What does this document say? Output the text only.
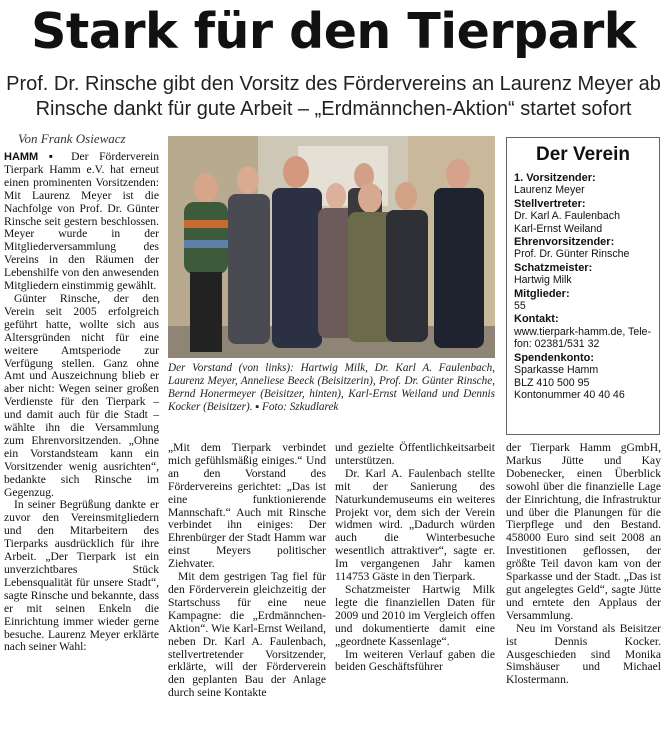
Stark für den Tierpark
Prof. Dr. Rinsche gibt den Vorsitz des Fördervereins an Laurenz Meyer ab
Rinsche dankt für gute Arbeit – „Erdmännchen-Aktion“ startet sofort
Von Frank Osiewacz

HAMM ▪ Der Förderverein Tierpark Hamm e.V. hat erneut einen prominenten Vorsitzenden: Mit Laurenz Meyer ist die Nachfolge von Prof. Dr. Günter Rinsche seit gestern beschlossen. Meyer wurde in der Mitgliederversammlung des Vereins in den Räumen der Lebenshilfe von den anwesenden Mitgliedern einstimmig gewählt.

Günter Rinsche, der den Verein seit 2005 erfolgreich geführt hatte, wollte sich aus Altersgründen nicht für eine weitere Amtsperiode zur Verfügung stellen. Ganz ohne Amt und Auszeichnung blieb er aber nicht: Wegen seiner großen Verdienste für den Tierpark – und damit auch für die Stadt – wählte ihn die Versammlung zum Ehrenvorsitzenden. „Ohne ein Vorstandsteam kann ein Vorsitzender wenig ausrichten“, bedankte sich Rinsche im Gegenzug.

In seiner Begrüßung dankte er zuvor den Vereinsmitgliedern und den Mitarbeitern des Tierparks ausdrücklich für ihre Arbeit. „Der Tierpark ist ein unverzichtbares Stück Lebensqualität für unsere Stadt“, sagte Rinsche und bekannte, dass er mit seinen Enkeln die Einrichtung immer wieder gerne besuche. Laurenz Meyer erklärte nach seiner Wahl:

Der Vorstand (von links): Hartwig Milk, Dr. Karl A. Faulenbach, Laurenz Meyer, Anneliese Beeck (Beisitzerin), Prof. Dr. Günter Rinsche, Bernd Honermeyer (Beisitzer, hinten), Karl-Ernst Weiland und Dennis Kocker (Beisitzer). ▪ Foto: Szkudlarek
Der Verein
1. Vorsitzender:
Laurenz Meyer
Stellvertreter:
Dr. Karl A. Faulenbach
Karl-Ernst Weiland
Ehrenvorsitzender:
Prof. Dr. Günter Rinsche
Schatzmeister:
Hartwig Milk
Mitglieder:
55
Kontakt:
www.tierpark-hamm.de, Tele-
fon: 02381/531 32
Spendenkonto:
Sparkasse Hamm
BLZ 410 500 95
Kontonummer 40 40 46

„Mit dem Tierpark verbindet mich gefühlsmäßig einiges.“ Und an den Vorstand des Fördervereins gerichtet: „Das ist eine funktionierende Mannschaft.“ Auch mit Rinsche verbindet ihn einiges: Der Ehrenbürger der Stadt Hamm war einst Meyers politischer Ziehvater.

Mit dem gestrigen Tag fiel für den Förderverein gleichzeitig der Startschuss für eine neue Kampagne: die „Erdmännchen-Aktion“. Wie Karl-Ernst Weiland, neben Dr. Karl A. Faulenbach, stellvertretender Vorsitzender, erklärte, will der Förderverein den geplanten Bau der Anlage durch seine Kontakte

und gezielte Öffentlichkeitsarbeit unterstützen.

Dr. Karl A. Faulenbach stellte mit der Sanierung des Naturkundemuseums ein weiteres Projekt vor, dem sich der Verein widmen wird. „Dadurch würden auch die Winterbesuche wesentlich attraktiver“, sagte er. Im vergangenen Jahr kamen 114753 Gäste in den Tierpark.

Schatzmeister Hartwig Milk legte die finanziellen Daten für 2009 und 2010 im Vergleich offen und dokumentierte damit eine „geordnete Kassenlage“.

Im weiteren Verlauf gaben die beiden Geschäftsführer

der Tierpark Hamm gGmbH, Markus Jütte und Kay Dobenecker, einen Überblick sowohl über die finanzielle Lage der Einrichtung, die Infrastruktur und über die Planungen für die Tierpflege und den Bestand. 458000 Euro sind seit 2008 an Investitionen geflossen, der größte Teil davon kam von der Sparkasse und der Stadt. „Das ist gut angelegtes Geld“, sagte Jütte und erntete den Applaus der Versammlung.

Neu im Vorstand als Beisitzer ist Dennis Kocker. Ausgeschieden sind Monika Simshäuser und Michael Klostermann.
